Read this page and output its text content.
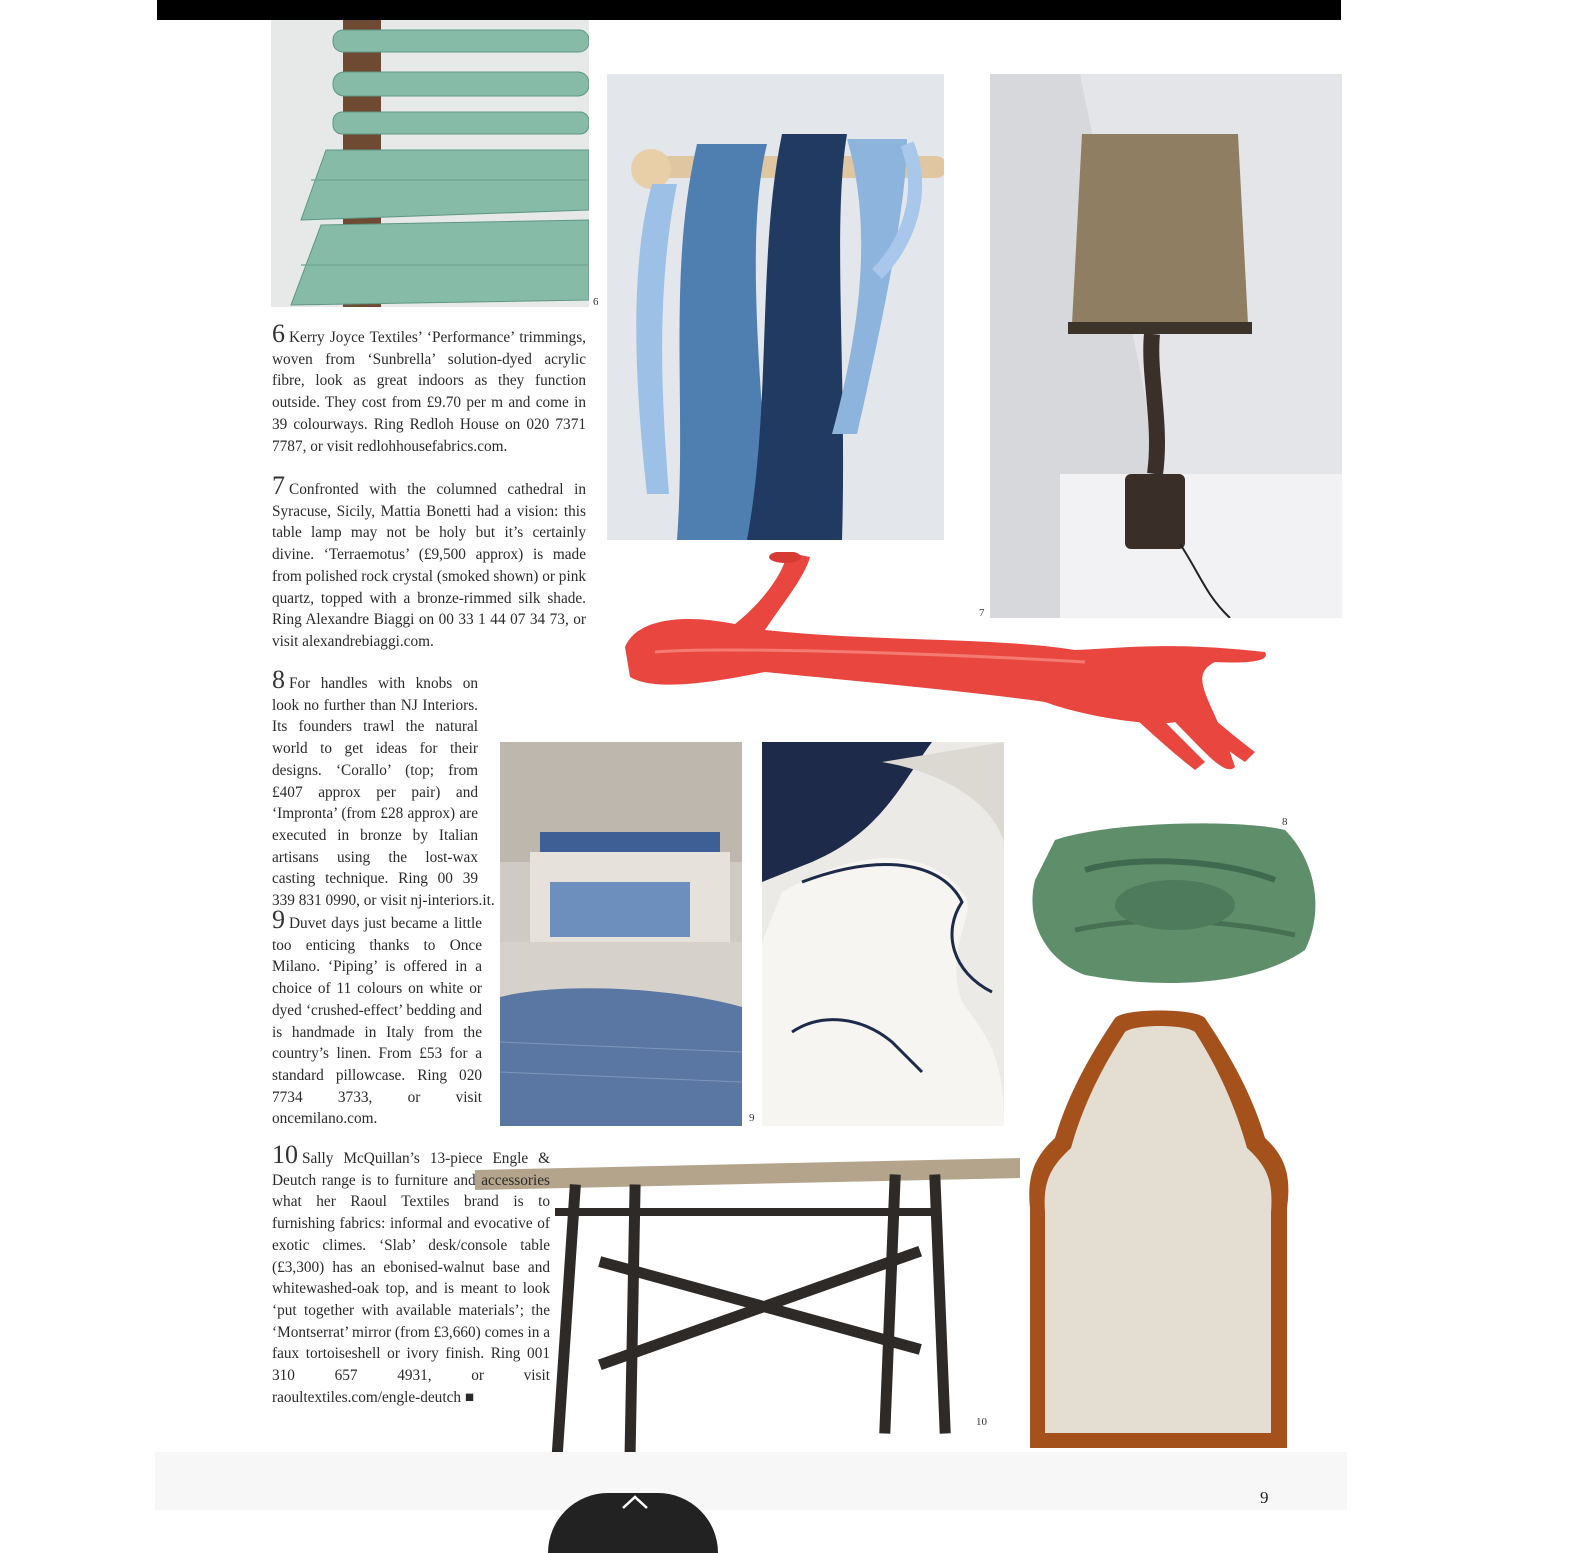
6
7
8
9
10

6 Kerry Joyce Textiles’ ‘Performance’ trimmings, woven from ‘Sunbrella’ solution-dyed acrylic fibre, look as great indoors as they function outside. They cost from £9.70 per m and come in 39 colourways. Ring Redloh House on 020 7371 7787, or visit redlohhousefabrics.com.

7 Confronted with the columned cathedral in Syracuse, Sicily, Mattia Bonetti had a vision: this table lamp may not be holy but it’s certainly divine. ‘Terraemotus’ (£9,500 approx) is made from polished rock crystal (smoked shown) or pink quartz, topped with a bronze-rimmed silk shade. Ring Alexandre Biaggi on 00 33 1 44 07 34 73, or visit alexandrebiaggi.com.

8 For handles with knobs on look no further than NJ Interiors. Its founders trawl the natural world to get ideas for their designs. ‘Corallo’ (top; from £407 approx per pair) and ‘Impronta’ (from £28 approx) are executed in bronze by Italian artisans using the lost-wax casting technique. Ring 00 39 339 831 0990, or visit nj-interiors.it.

9 Duvet days just became a little too enticing thanks to Once Milano. ‘Piping’ is offered in a choice of 11 colours on white or dyed ‘crushed-effect’ bedding and is handmade in Italy from the country’s linen. From £53 for a standard pillowcase. Ring 020 7734 3733, or visit oncemilano.com.

10 Sally McQuillan’s 13-piece Engle & Deutch range is to furniture and accessories what her Raoul Textiles brand is to furnishing fabrics: informal and evocative of exotic climes. ‘Slab’ desk/console table (£3,300) has an ebonised-walnut base and whitewashed-oak top, and is meant to look ‘put together with available materials’; the ‘Montserrat’ mirror (from £3,660) comes in a faux tortoiseshell or ivory finish. Ring 001 310 657 4931, or visit raoultextiles.com/engle-deutch ■

9
